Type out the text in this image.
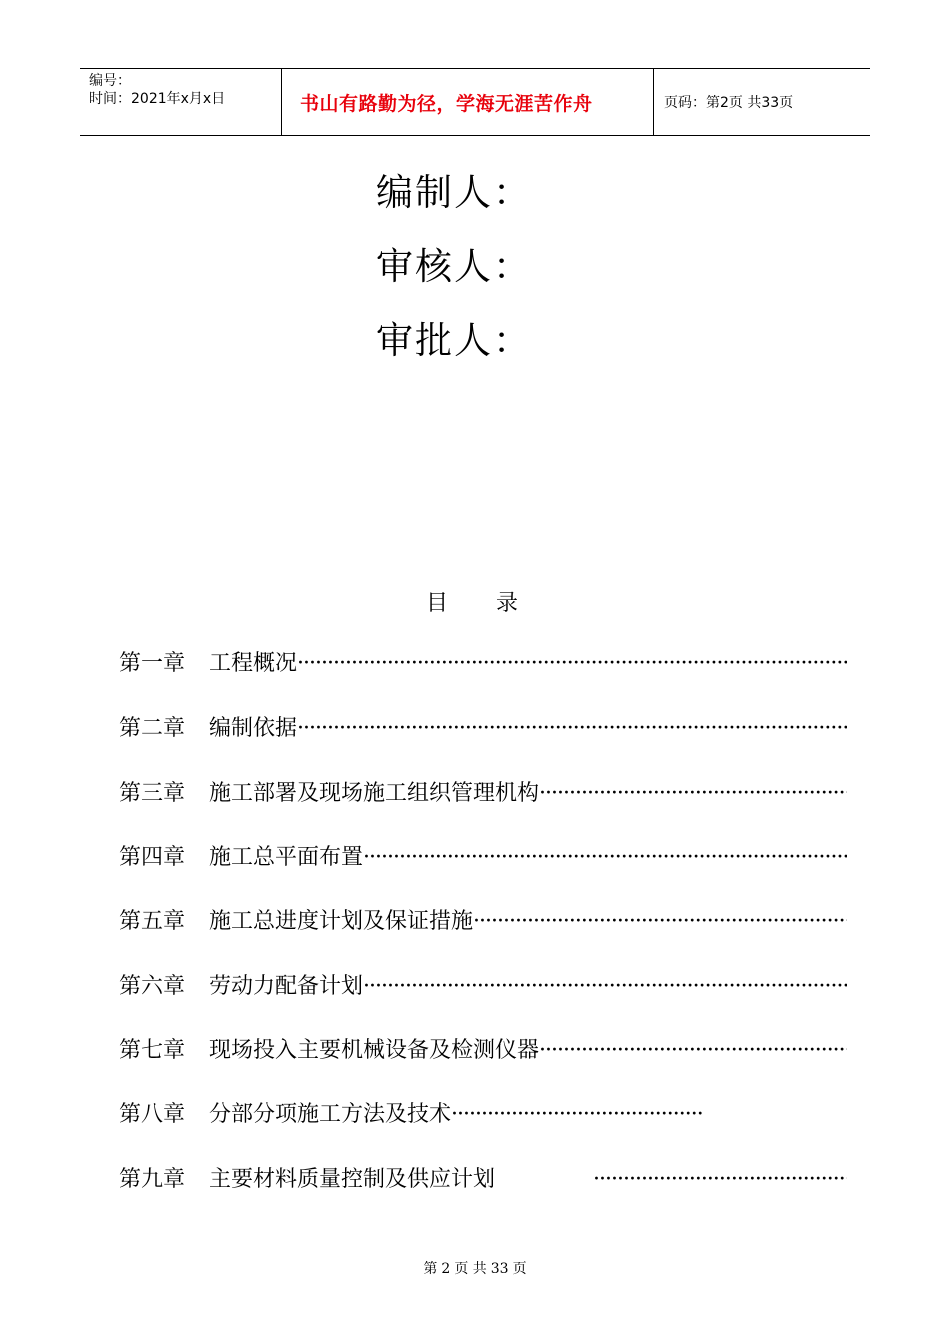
编号：
时间：2021年x月x日	书山有路勤为径，学海无涯苦作舟	页码：第2页 共33页
编制人：
审核人：
审批人：
目 录
第一章	工程概况
·····
第二章	编制依据
·····
第三章	施工部署及现场施工组织管理机构
·····
第四章	施工总平面布置
·····
第五章	施工总进度计划及保证措施
·····
第六章	劳动力配备计划
·····
第七章	现场投入主要机械设备及检测仪器
·····
第八章	分部分项施工方法及技术
·····
第九章	主要材料质量控制及供应计划
·····
第 2 页 共 33 页
